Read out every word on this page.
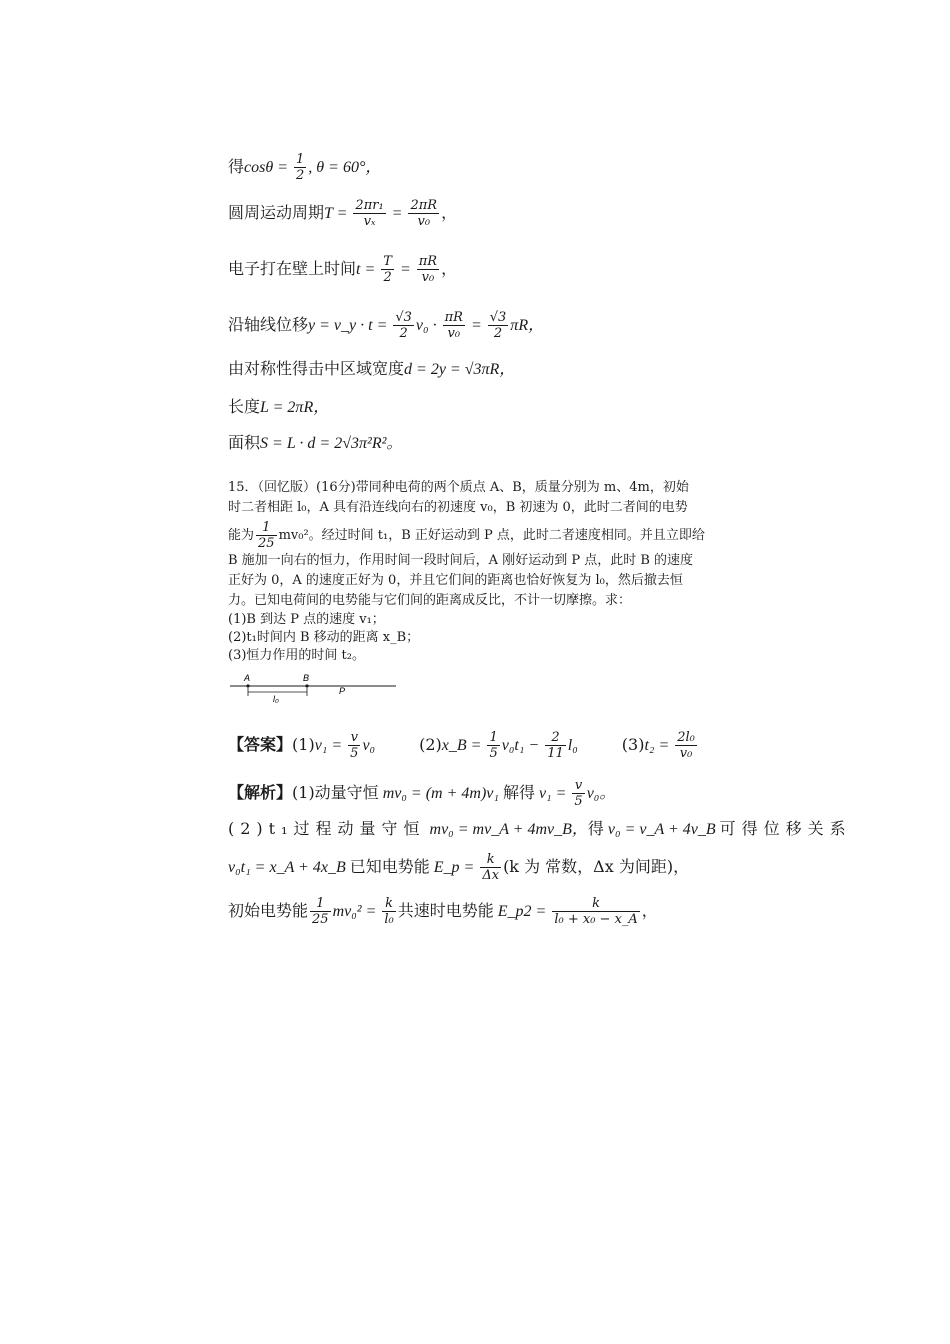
得$\cos\theta = \frac{1}{2}$ , θ = 60°，
圆周运动周期$T = \frac{\text{2πr₁}}{\text{vₓ}} = \frac{2\pi R}{\text{v₀}}$ ，
电子打在壁上时间$t = \frac{T}{2} = \frac{\pi R}{\text{v₀}}$ ，
沿轴线位移y = v_y · $t = \frac{√3}{2} v_0 \cdot \frac{\pi R}{\text{v₀}} = \frac{√3}{2}$ πR，
由对称性得击中区域宽度d = 2y = √3πR，
长度L = 2πR，
面积S = L · d = 2√3π²R²。
15．（回忆版）(16分)带同种电荷的两个质点 A、B，质量分别为 m、4m，初始
时二者相距 l₀，A 具有沿连线向右的初速度 v₀，B 初速为 0，此时二者间的电势
能为 $\frac{1}{25} mv_0^2$。经过时间 t₁，B 正好运动到 P 点，此时二者速度相同。并且立即给
B 施加一向右的恒力，作用时间一段时间后，A 刚好运动到 P 点，此时 B 的速度
正好为 0，A 的速度正好为 0，并且它们间的距离也恰好恢复为 l₀，然后撤去恒
力。已知电荷间的电势能与它们间的距离成反比，不计一切摩擦。求：
(1)B 到达 P 点的速度 v₁；
(2)t₁时间内 B 移动的距离 x_B；
(3)恒力作用的时间 t₂。
A	B
P
l₀
【答案】$(1)v_1 = \frac{v}{5} v_0$	(2)x_B = $\frac{1}{5} v_0t_1 - \frac{2}{11} l_0$	$(3)t_2 = \frac{\text{2l₀}}{\text{v₀}}$
【解析】(1)动量守恒 mv₀ = (m + 4m)v₁ 解得 $v_1 = \frac{v}{5} v_0$。
(2)t₁过程动量守恒 mv₀ = mv_A + 4mv_B，得 v₀ = v_A + 4v_B 可得位移关系
v₀t₁ = x_A + 4x_B 已知电势能 E_p = $\frac{k}{\Delta x} (k$ 为 常数，Δx 为间距)，
初始电势能 $\frac{1}{25} mv_0^2 = \frac{k}{\text{l₀}}$ 共速时电势能 E_p2 = $\frac{k}{\text{l₀ + x₀ − x\_A}}$ ，
